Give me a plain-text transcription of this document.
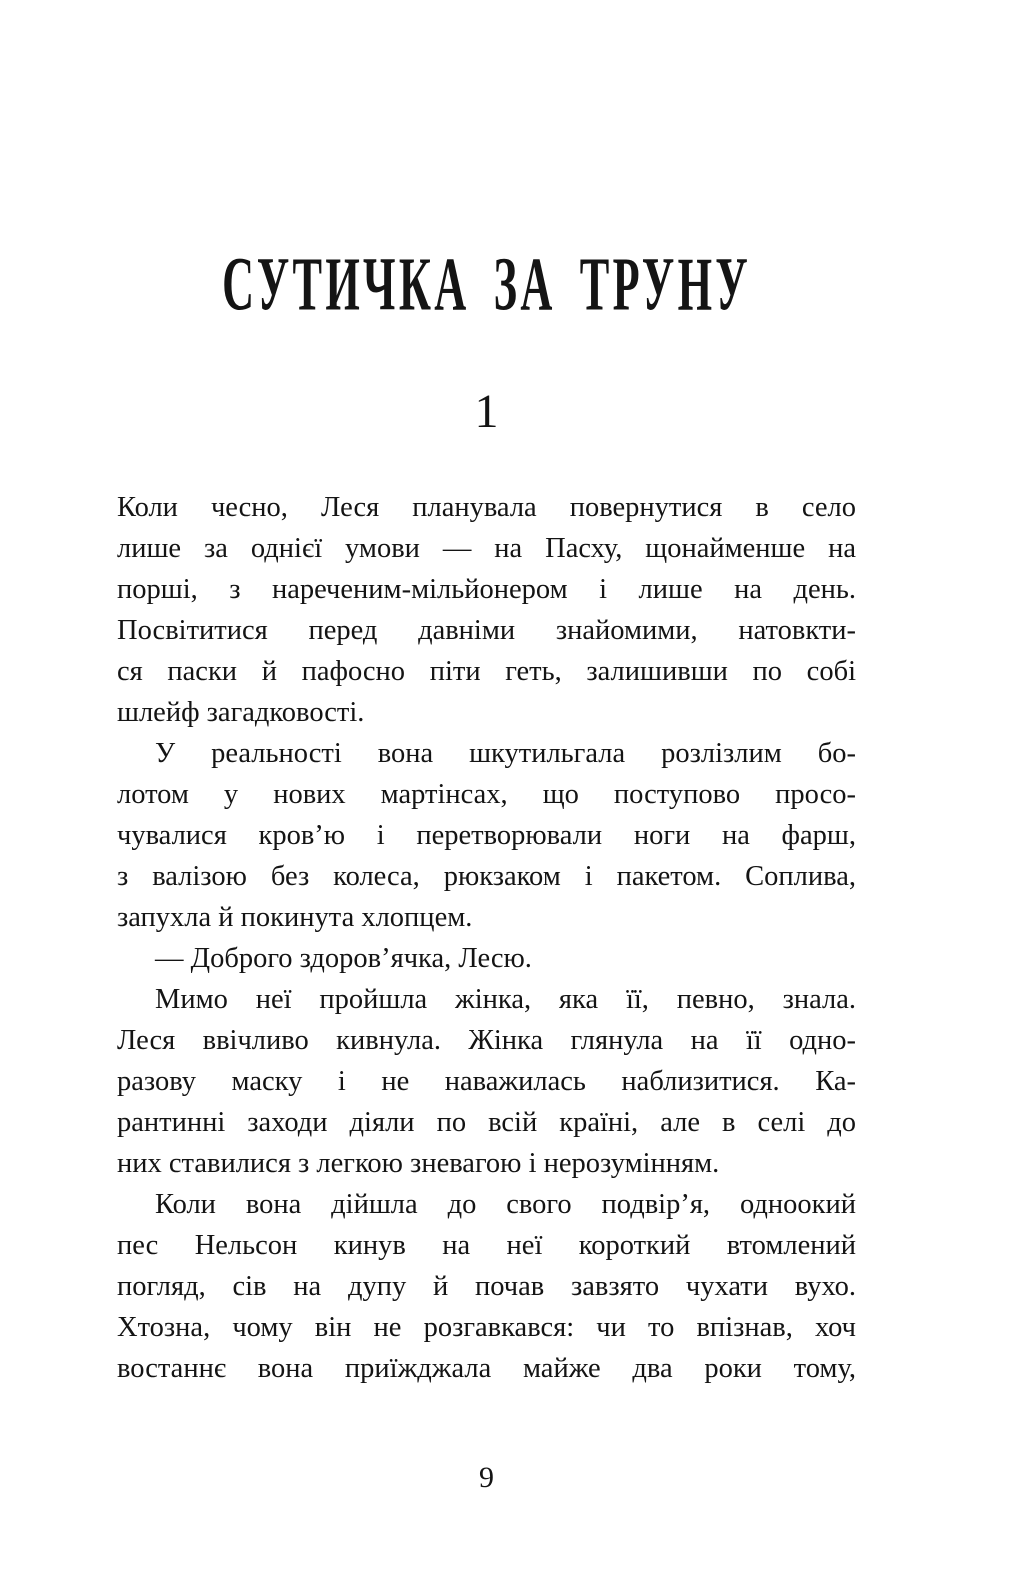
СУТИЧКА ЗА ТРУНУ
1
Коли чесно, Леся планувала повернутися в село
лише за однієї умови — на Пасху, щонайменше на
порші, з нареченим-мільйонером і лише на день.
Посвітитися перед давніми знайомими, натовкти-
ся паски й пафосно піти геть, залишивши по собі
шлейф загадковості.
У реальності вона шкутильгала розлізлим бо-
лотом у нових мартінсах, що поступово просо-
чувалися кров’ю і перетворювали ноги на фарш,
з валізою без колеса, рюкзаком і пакетом. Соплива,
запухла й покинута хлопцем.
— Доброго здоров’ячка, Лесю.
Мимо неї пройшла жінка, яка її, певно, знала.
Леся ввічливо кивнула. Жінка глянула на її одно-
разову маску і не наважилась наблизитися. Ка-
рантинні заходи діяли по всій країні, але в селі до
них ставилися з легкою зневагою і нерозумінням.
Коли вона дійшла до свого подвір’я, одноокий
пес Нельсон кинув на неї короткий втомлений
погляд, сів на дупу й почав завзято чухати вухо.
Хтозна, чому він не розгавкався: чи то впізнав, хоч
востаннє вона приїжджала майже два роки тому,
9
